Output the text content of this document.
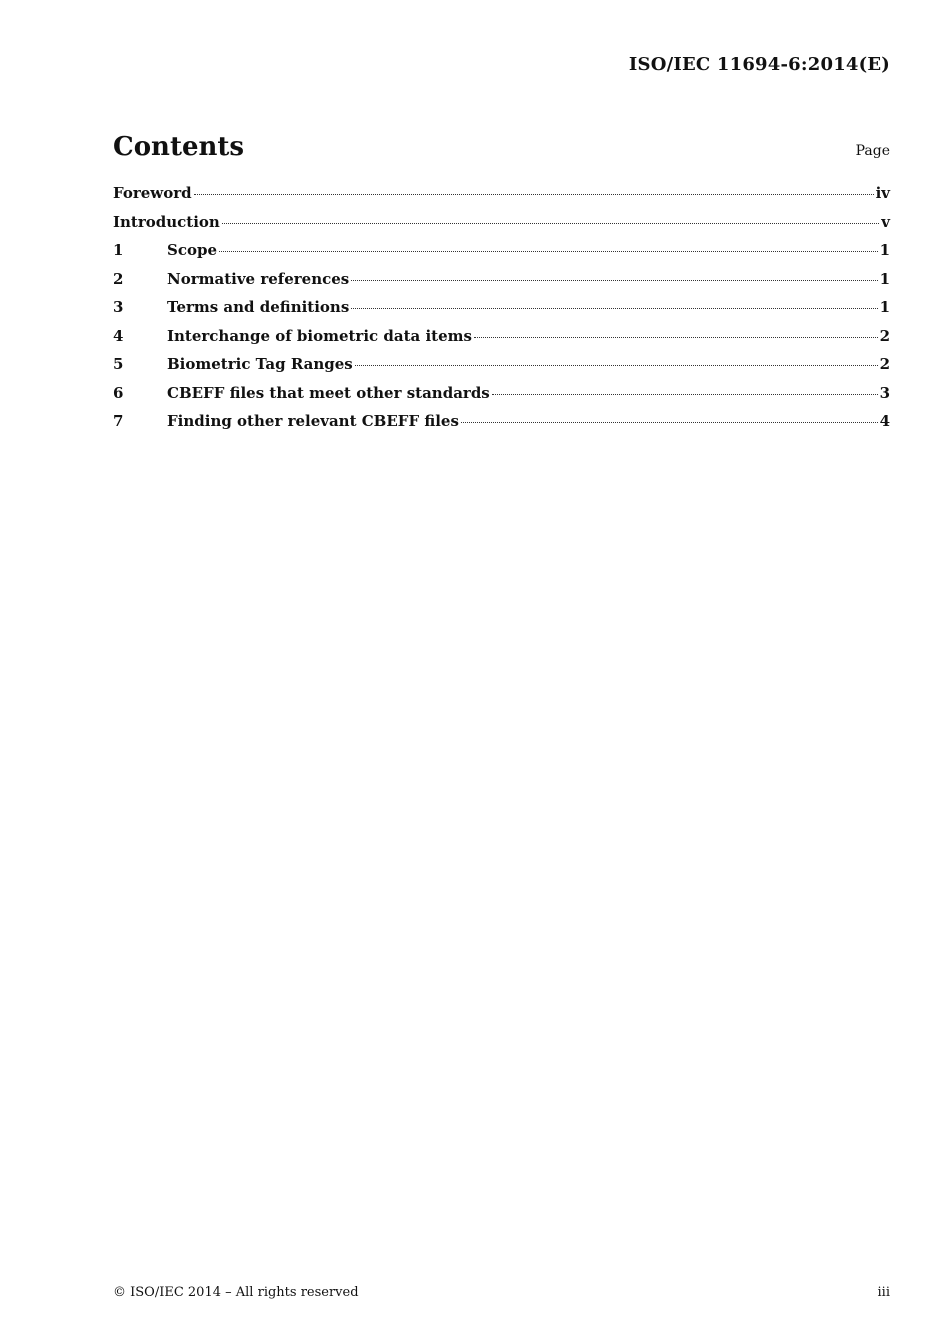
ISO/IEC 11694-6:2014(E)
Contents	Page
Foreword	iv
Introduction	v
1	Scope	1
2	Normative references	1
3	Terms and definitions	1
4	Interchange of biometric data items	2
5	Biometric Tag Ranges	2
6	CBEFF files that meet other standards	3
7	Finding other relevant CBEFF files	4
© ISO/IEC 2014 – All rights reserved	iii
